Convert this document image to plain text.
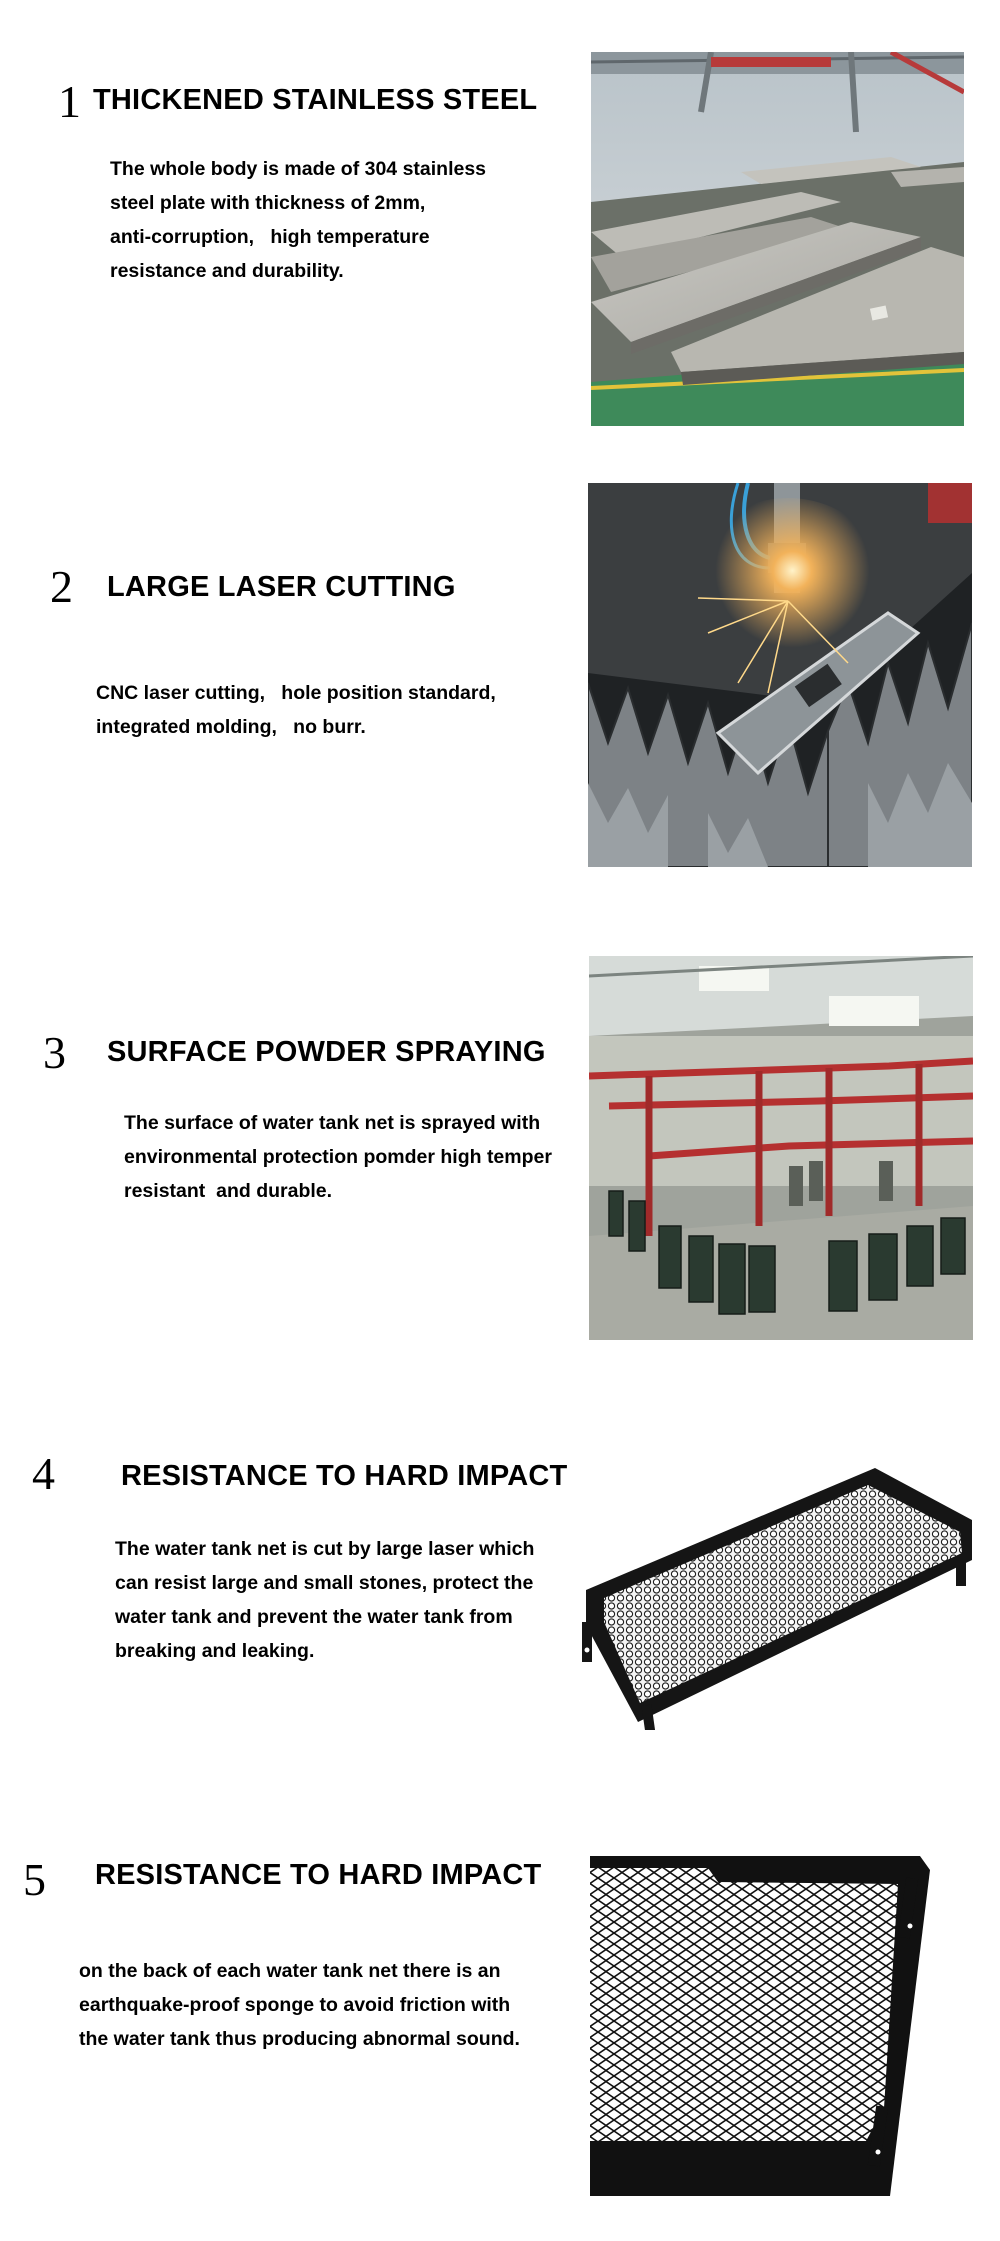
1 THICKENED STAINLESS STEEL
The whole body is made of 304 stainless
steel plate with thickness of 2mm,
anti-corruption,   high temperature
resistance and durability.
2 LARGE LASER CUTTING
CNC laser cutting,   hole position standard,
integrated molding,   no burr.
3 SURFACE POWDER SPRAYING
The surface of water tank net is sprayed with
environmental protection pomder high temper
resistant  and durable.
4 RESISTANCE TO HARD IMPACT
The water tank net is cut by large laser which
can resist large and small stones, protect the
water tank and prevent the water tank from
breaking and leaking.
5 RESISTANCE TO HARD IMPACT
on the back of each water tank net there is an
earthquake-proof sponge to avoid friction with
the water tank thus producing abnormal sound.
